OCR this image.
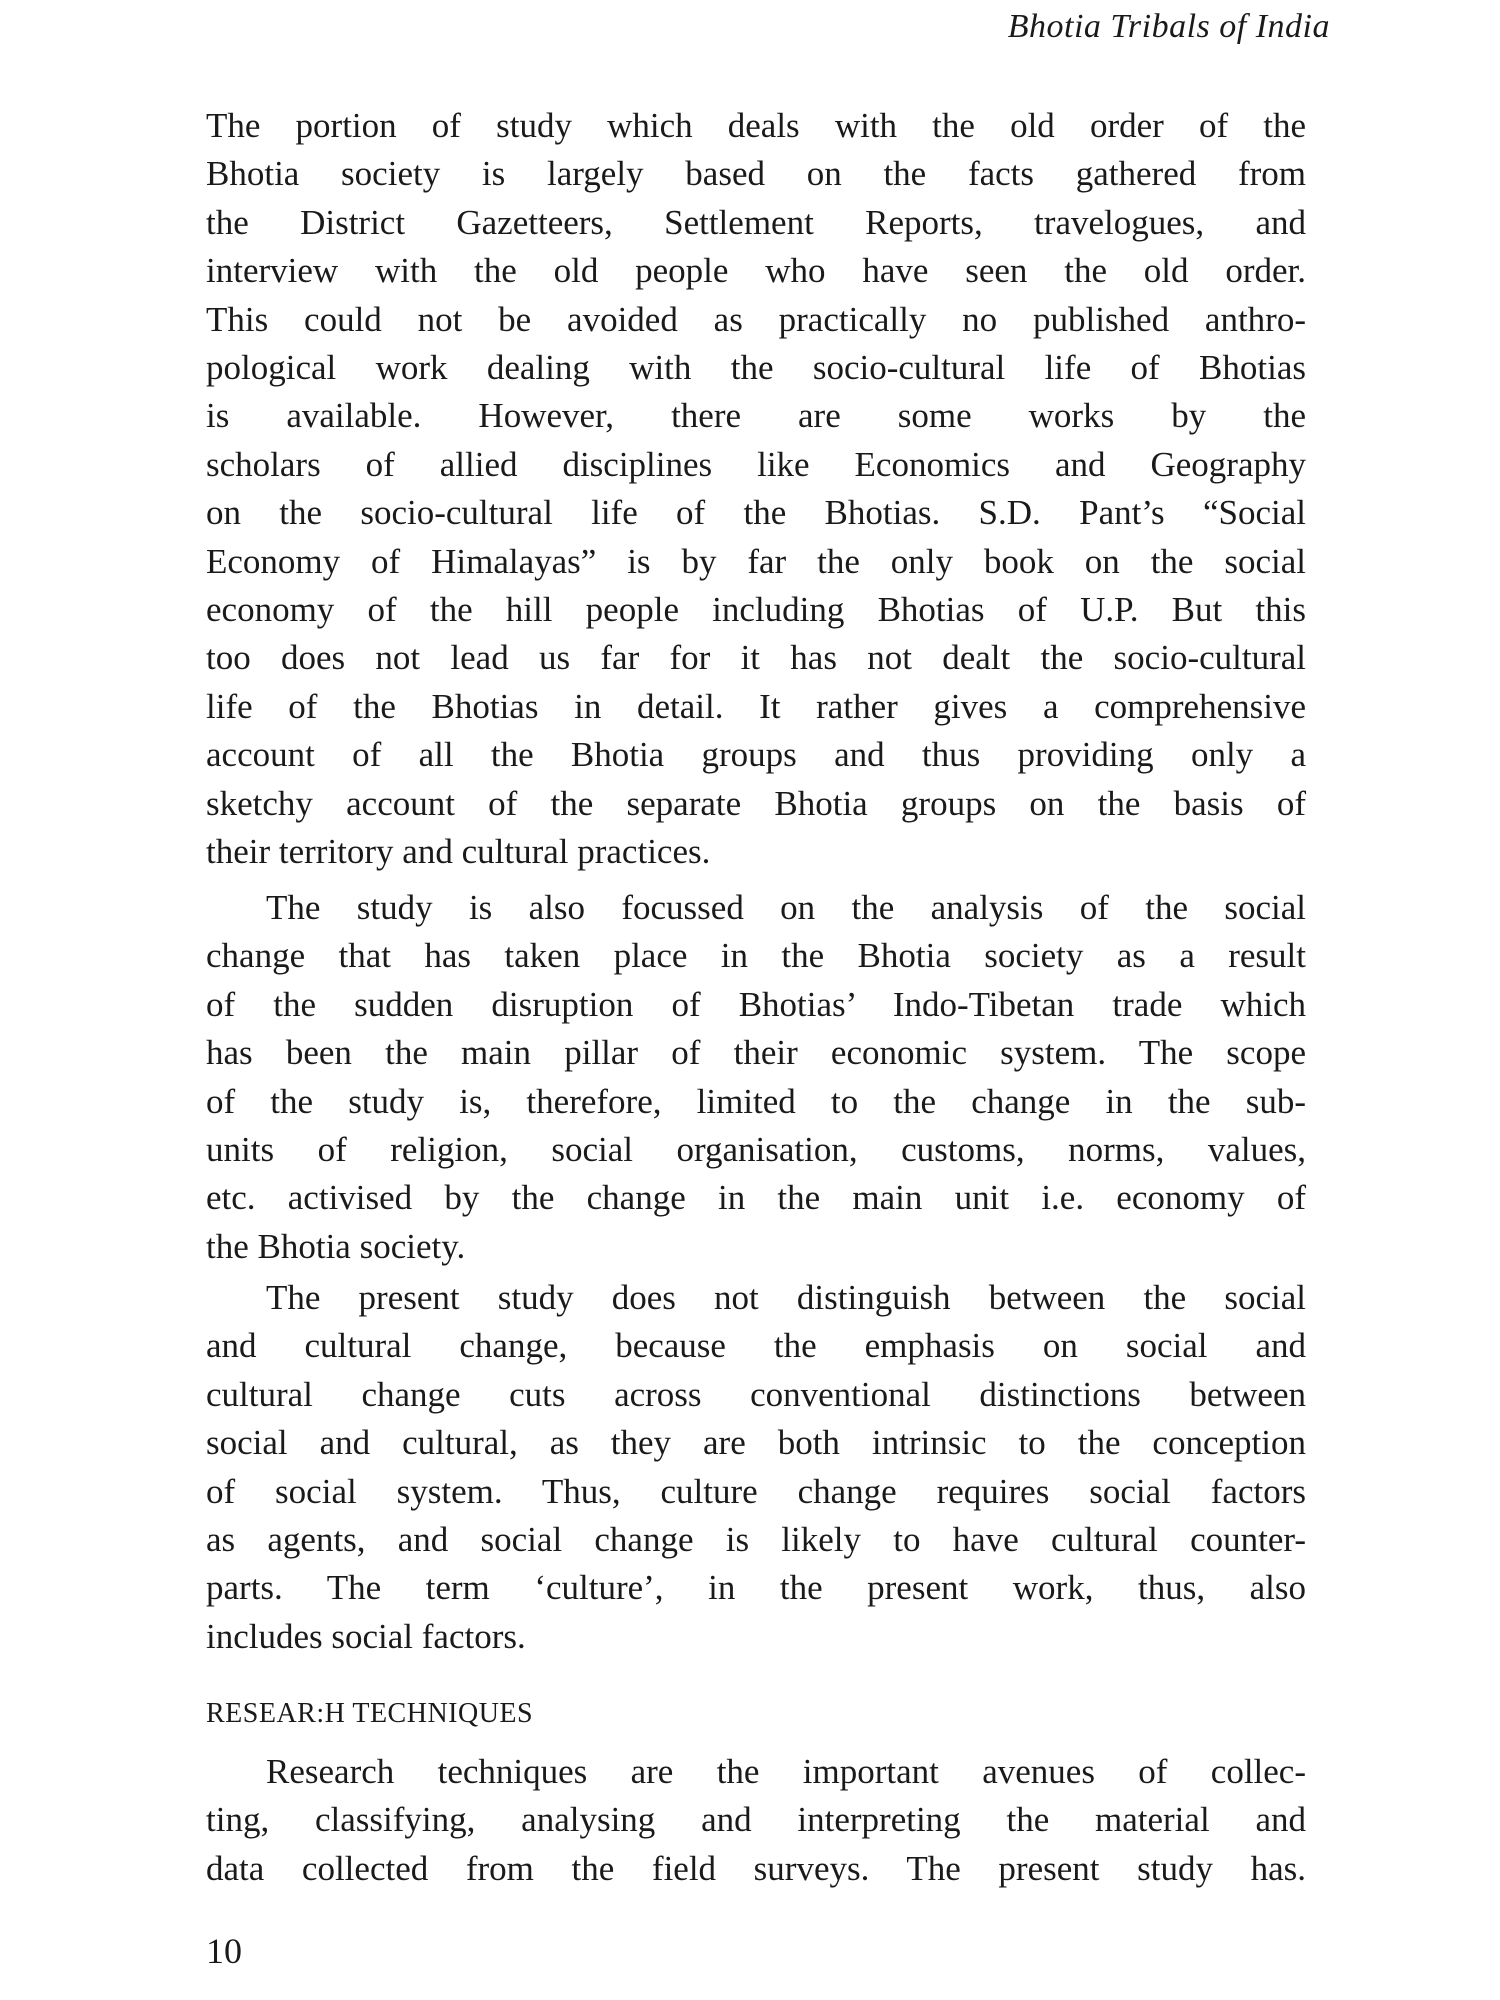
Bhotia Tribals of India
The portion of study which deals with the old order of the
Bhotia society is largely based on the facts gathered from
the District Gazetteers, Settlement Reports, travelogues, and
interview with the old people who have seen the old order.
This could not be avoided as practically no published anthro-
pological work dealing with the socio-cultural life of Bhotias
is available. However, there are some works by the
scholars of allied disciplines like Economics and Geography
on the socio-cultural life of the Bhotias. S.D. Pant’s “Social
Economy of Himalayas” is by far the only book on the social
economy of the hill people including Bhotias of U.P. But this
too does not lead us far for it has not dealt the socio-cultural
life of the Bhotias in detail. It rather gives a comprehensive
account of all the Bhotia groups and thus providing only a
sketchy account of the separate Bhotia groups on the basis of
their territory and cultural practices.
The study is also focussed on the analysis of the social
change that has taken place in the Bhotia society as a result
of the sudden disruption of Bhotias’ Indo-Tibetan trade which
has been the main pillar of their economic system. The scope
of the study is, therefore, limited to the change in the sub-
units of religion, social organisation, customs, norms, values,
etc. activised by the change in the main unit i.e. economy of
the Bhotia society.
The present study does not distinguish between the social
and cultural change, because the emphasis on social and
cultural change cuts across conventional distinctions between
social and cultural, as they are both intrinsic to the conception
of social system. Thus, culture change requires social factors
as agents, and social change is likely to have cultural counter-
parts. The term ‘culture’, in the present work, thus, also
includes social factors.
RESEAR:H TECHNIQUES
Research techniques are the important avenues of collec-
ting, classifying, analysing and interpreting the material and
data collected from the field surveys. The present study has.
10
